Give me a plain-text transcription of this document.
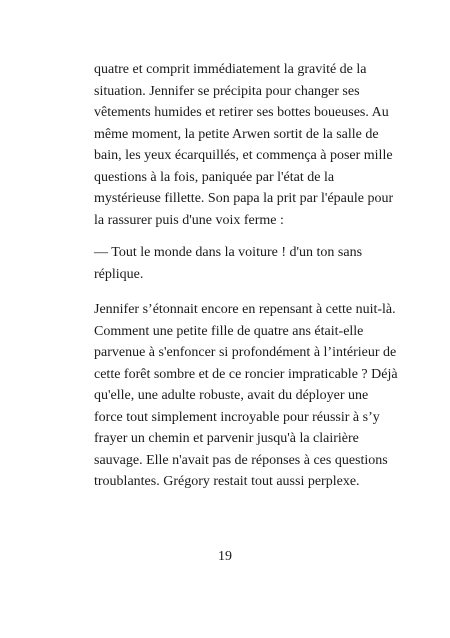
quatre et comprit immédiatement la gravité de la
situation. Jennifer se précipita pour changer ses
vêtements humides et retirer ses bottes boueuses. Au
même moment, la petite Arwen sortit de la salle de
bain, les yeux écarquillés, et commença à poser mille
questions à la fois, paniquée par l'état de la
mystérieuse fillette. Son papa la prit par l'épaule pour
la rassurer puis d'une voix ferme :
— Tout le monde dans la voiture ! d'un ton sans
réplique.
Jennifer s’étonnait encore en repensant à cette nuit-là.
Comment une petite fille de quatre ans était-elle
parvenue à s'enfoncer si profondément à l’intérieur de
cette forêt sombre et de ce roncier impraticable ? Déjà
qu'elle, une adulte robuste, avait du déployer une
force tout simplement incroyable pour réussir à s’y
frayer un chemin et parvenir jusqu'à la clairière
sauvage. Elle n'avait pas de réponses à ces questions
troublantes. Grégory restait tout aussi perplexe.
19
